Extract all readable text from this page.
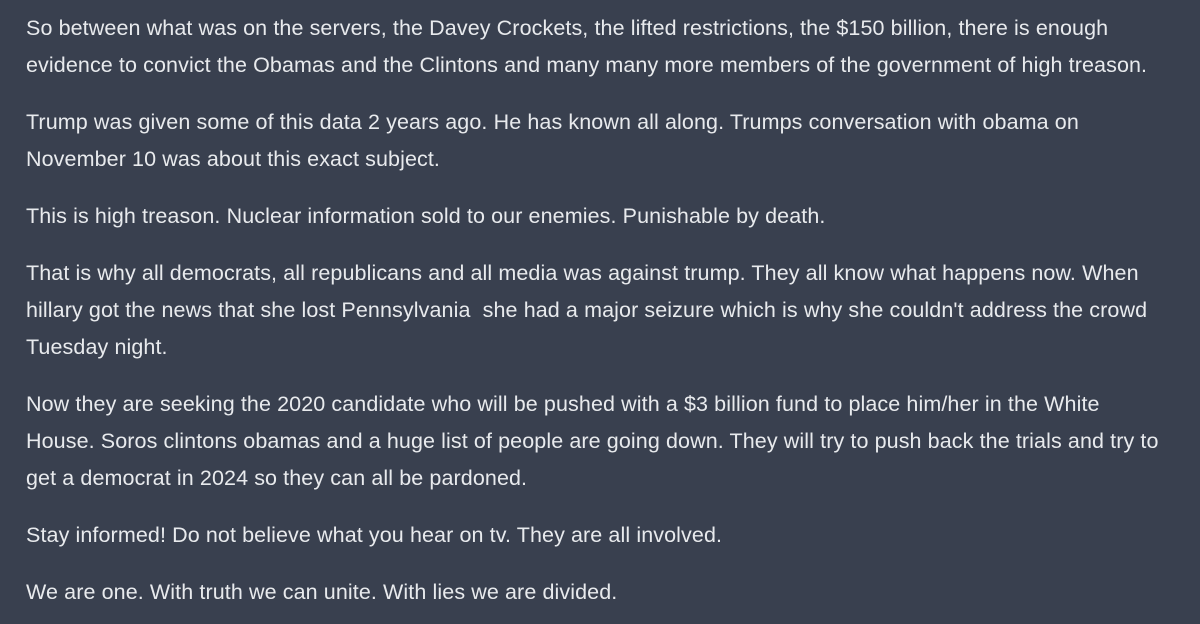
So between what was on the servers, the Davey Crockets, the lifted restrictions, the $150 billion, there is enough evidence to convict the Obamas and the Clintons and many many more members of the government of high treason.

Trump was given some of this data 2 years ago. He has known all along. Trumps conversation with obama on November 10 was about this exact subject.

This is high treason. Nuclear information sold to our enemies. Punishable by death.

That is why all democrats, all republicans and all media was against trump. They all know what happens now. When hillary got the news that she lost Pennsylvania  she had a major seizure which is why she couldn't address the crowd Tuesday night.

Now they are seeking the 2020 candidate who will be pushed with a $3 billion fund to place him/her in the White House. Soros clintons obamas and a huge list of people are going down. They will try to push back the trials and try to get a democrat in 2024 so they can all be pardoned.

Stay informed! Do not believe what you hear on tv. They are all involved.

We are one. With truth we can unite. With lies we are divided.
